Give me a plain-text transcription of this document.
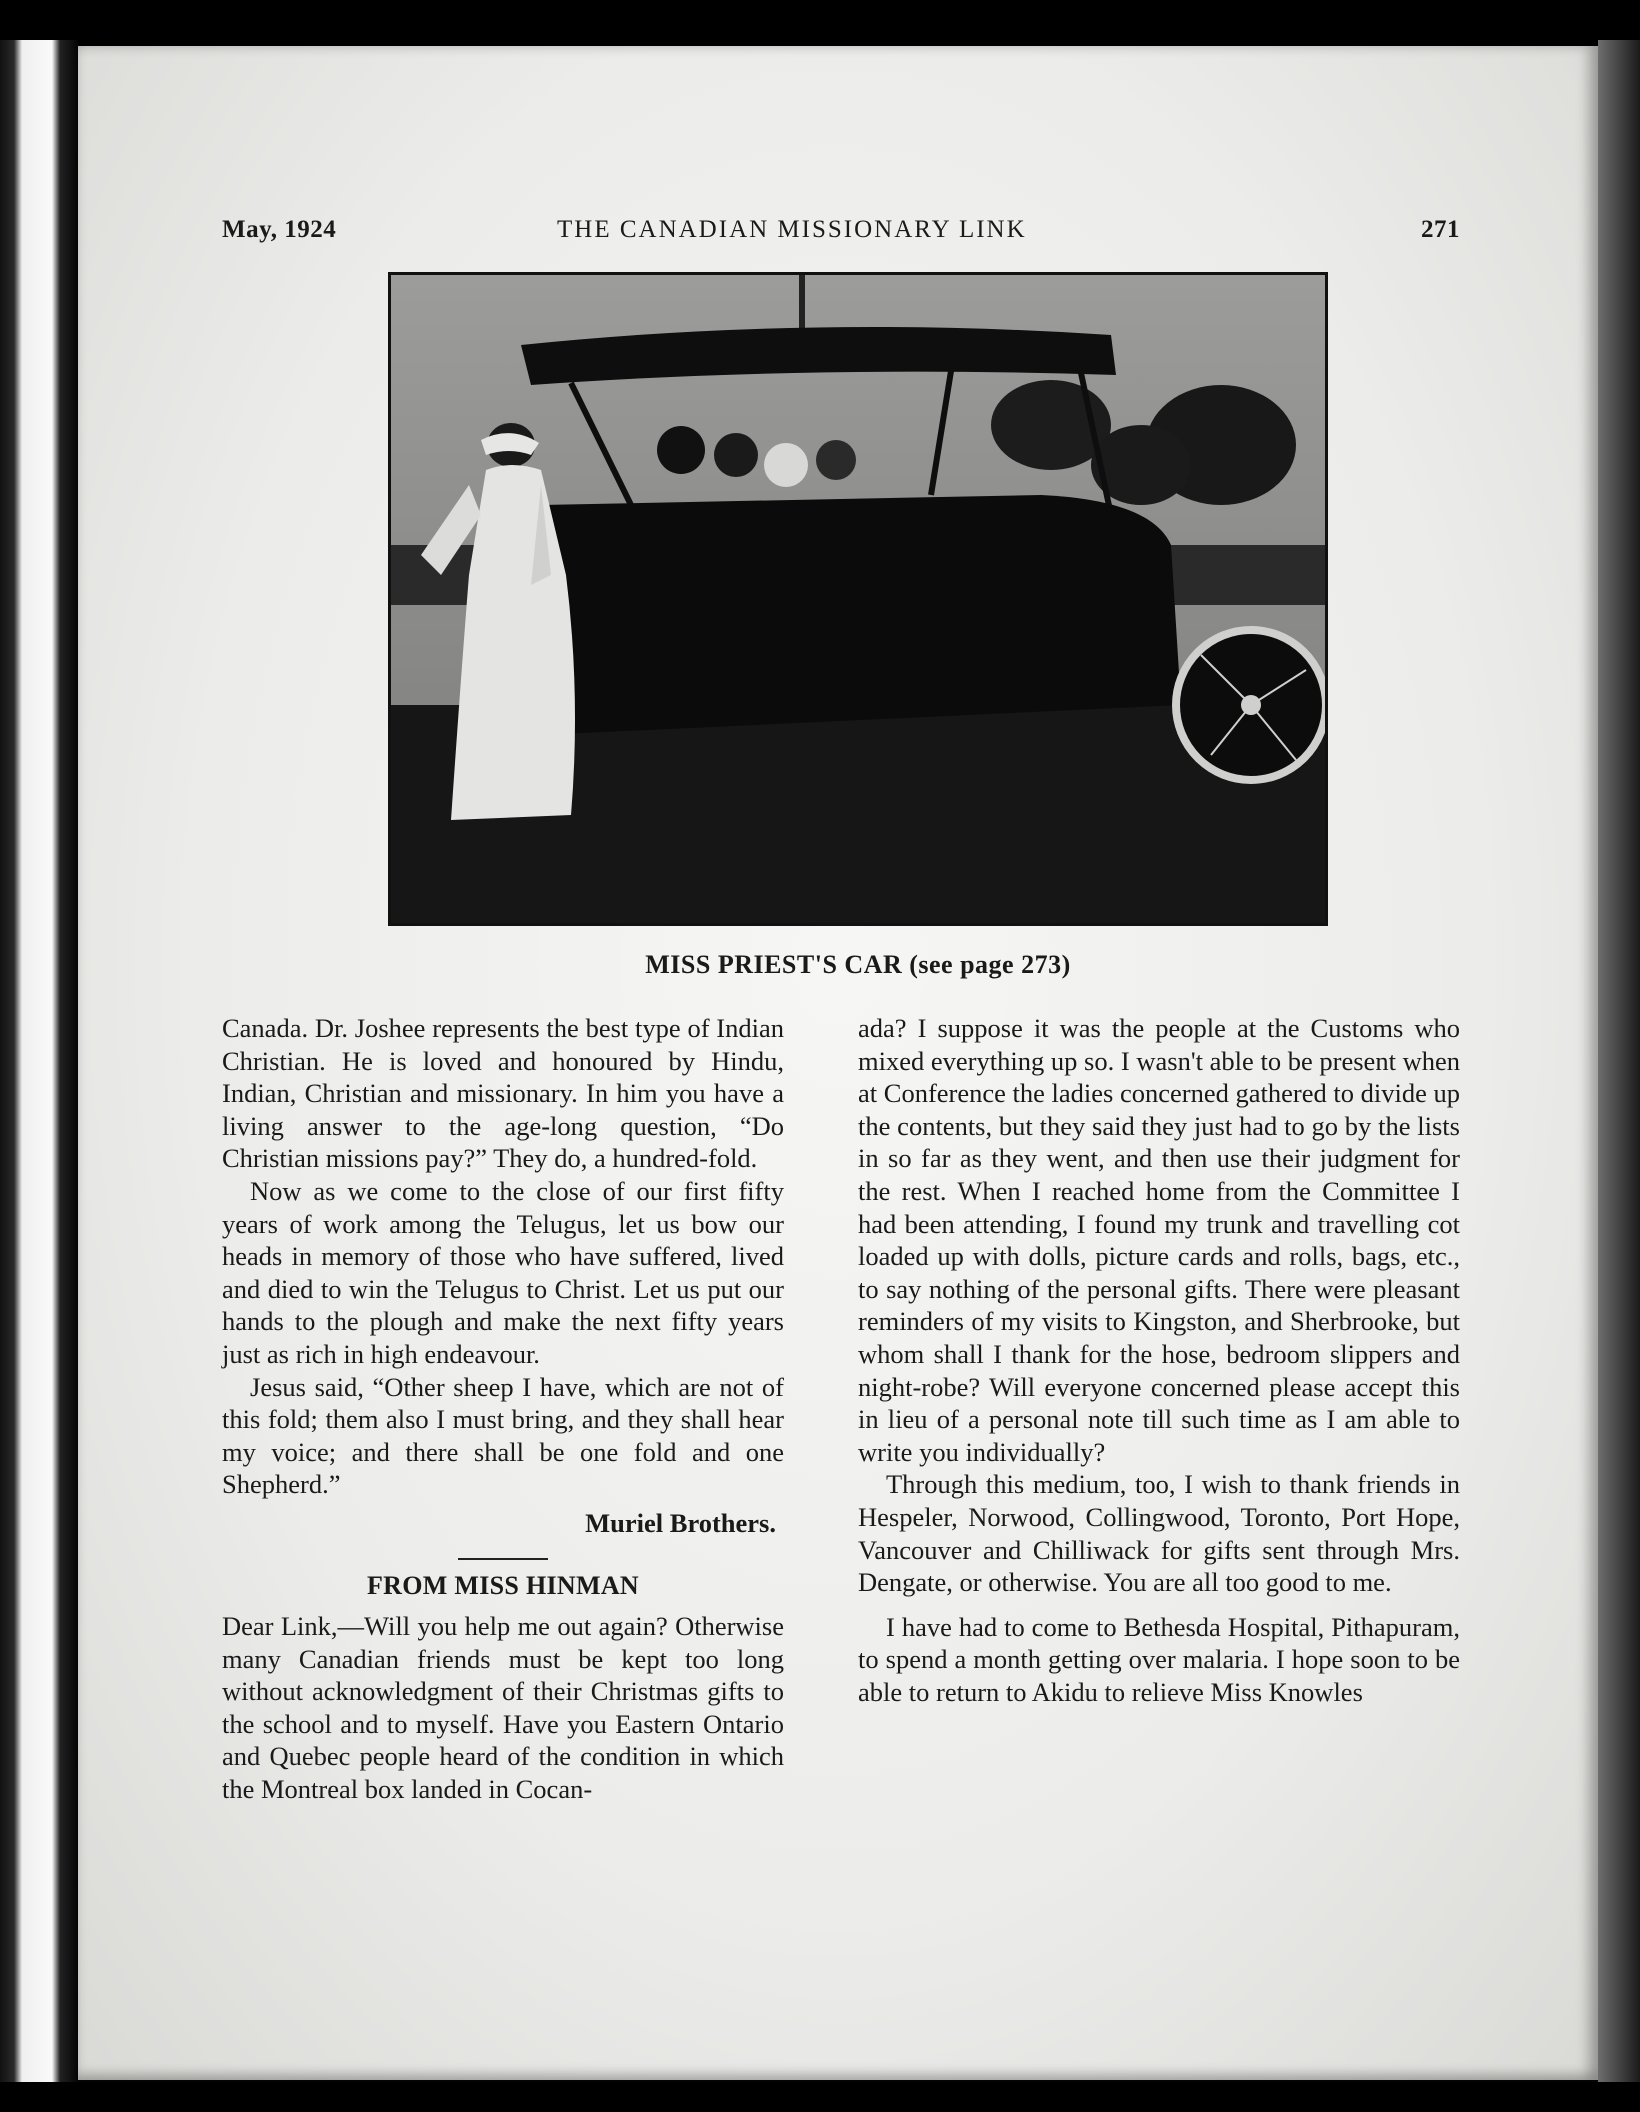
May, 1924	THE CANADIAN MISSIONARY LINK	271
MISS PRIEST'S CAR (see page 273)

Canada. Dr. Joshee represents the best type of Indian Christian. He is loved and honoured by Hindu, Indian, Christian and missionary. In him you have a living answer to the age-long question, “Do Christian missions pay?” They do, a hundred-fold.

Now as we come to the close of our first fifty years of work among the Telugus, let us bow our heads in memory of those who have suffered, lived and died to win the Telugus to Christ. Let us put our hands to the plough and make the next fifty years just as rich in high endeavour.

Jesus said, “Other sheep I have, which are not of this fold; them also I must bring, and they shall hear my voice; and there shall be one fold and one Shepherd.”

Muriel Brothers.

FROM MISS HINMAN

Dear Link,—Will you help me out again? Otherwise many Canadian friends must be kept too long without acknowledgment of their Christmas gifts to the school and to myself. Have you Eastern Ontario and Quebec people heard of the condition in which the Montreal box landed in Cocan-

ada? I suppose it was the people at the Customs who mixed everything up so. I wasn't able to be present when at Conference the ladies concerned gathered to divide up the contents, but they said they just had to go by the lists in so far as they went, and then use their judgment for the rest. When I reached home from the Committee I had been attending, I found my trunk and travelling cot loaded up with dolls, picture cards and rolls, bags, etc., to say nothing of the personal gifts. There were pleasant reminders of my visits to Kingston, and Sherbrooke, but whom shall I thank for the hose, bedroom slippers and night-robe? Will everyone concerned please accept this in lieu of a personal note till such time as I am able to write you individually?

Through this medium, too, I wish to thank friends in Hespeler, Norwood, Collingwood, Toronto, Port Hope, Vancouver and Chilliwack for gifts sent through Mrs. Dengate, or otherwise. You are all too good to me.

I have had to come to Bethesda Hospital, Pithapuram, to spend a month getting over malaria. I hope soon to be able to return to Akidu to relieve Miss Knowles
